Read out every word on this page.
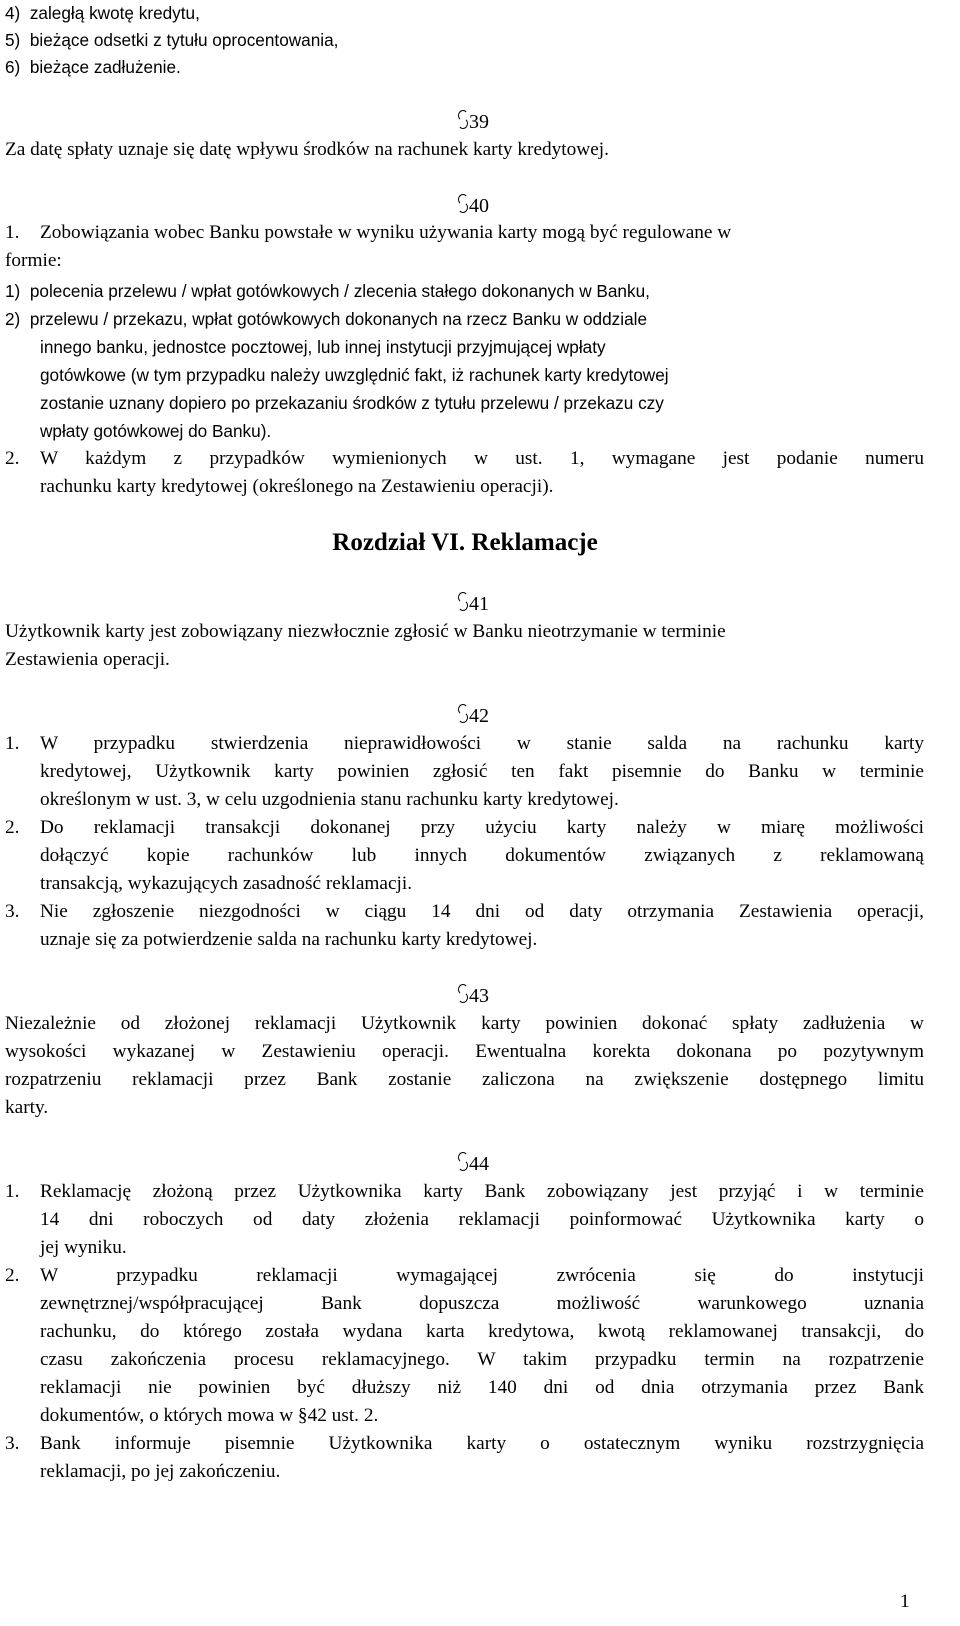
4)  zaległą kwotę kredytu,
5)  bieżące odsetki z tytułu oprocentowania,
6)  bieżące zadłużenie.
39
Za datę spłaty uznaje się datę wpływu środków na rachunek karty kredytowej.
40
1. Zobowiązania wobec Banku powstałe w wyniku używania karty mogą być regulowane w
formie:
1)  polecenia przelewu / wpłat gotówkowych / zlecenia stałego dokonanych w Banku,
2)  przelewu / przekazu, wpłat gotówkowych dokonanych na rzecz Banku w oddziale
innego banku, jednostce pocztowej, lub innej instytucji przyjmującej wpłaty
gotówkowe (w tym przypadku należy uwzględnić fakt, iż rachunek karty kredytowej
zostanie uznany dopiero po przekazaniu środków z tytułu przelewu / przekazu czy
wpłaty gotówkowej do Banku).
2. W każdym z przypadków wymienionych w ust. 1, wymagane jest podanie numeru
rachunku karty kredytowej (określonego na Zestawieniu operacji).
Rozdział VI. Reklamacje
41
Użytkownik karty jest zobowiązany niezwłocznie zgłosić w Banku nieotrzymanie w terminie
Zestawienia operacji.
42
1. W przypadku stwierdzenia nieprawidłowości w stanie salda na rachunku karty
kredytowej, Użytkownik karty powinien zgłosić ten fakt pisemnie do Banku w terminie
określonym w ust. 3, w celu uzgodnienia stanu rachunku karty kredytowej.
2. Do reklamacji transakcji dokonanej przy użyciu karty należy w miarę możliwości
dołączyć kopie rachunków lub innych dokumentów związanych z reklamowaną
transakcją, wykazujących zasadność reklamacji.
3. Nie zgłoszenie niezgodności w ciągu 14 dni od daty otrzymania Zestawienia operacji,
uznaje się za potwierdzenie salda na rachunku karty kredytowej.
43
Niezależnie od złożonej reklamacji Użytkownik karty powinien dokonać spłaty zadłużenia w
wysokości wykazanej w Zestawieniu operacji. Ewentualna korekta dokonana po pozytywnym
rozpatrzeniu reklamacji przez Bank zostanie zaliczona na zwiększenie dostępnego limitu
karty.
44
1. Reklamację złożoną przez Użytkownika karty Bank zobowiązany jest przyjąć i w terminie
14 dni roboczych od daty złożenia reklamacji poinformować Użytkownika karty o
jej wyniku.
2. W przypadku reklamacji wymagającej zwrócenia się do instytucji
zewnętrznej/współpracującej Bank dopuszcza możliwość warunkowego uznania
rachunku, do którego została wydana karta kredytowa, kwotą reklamowanej transakcji, do
czasu zakończenia procesu reklamacyjnego. W takim przypadku termin na rozpatrzenie
reklamacji nie powinien być dłuższy niż 140 dni od dnia otrzymania przez Bank
dokumentów, o których mowa w §42 ust. 2.
3. Bank informuje pisemnie Użytkownika karty o ostatecznym wyniku rozstrzygnięcia
reklamacji, po jej zakończeniu.
1
